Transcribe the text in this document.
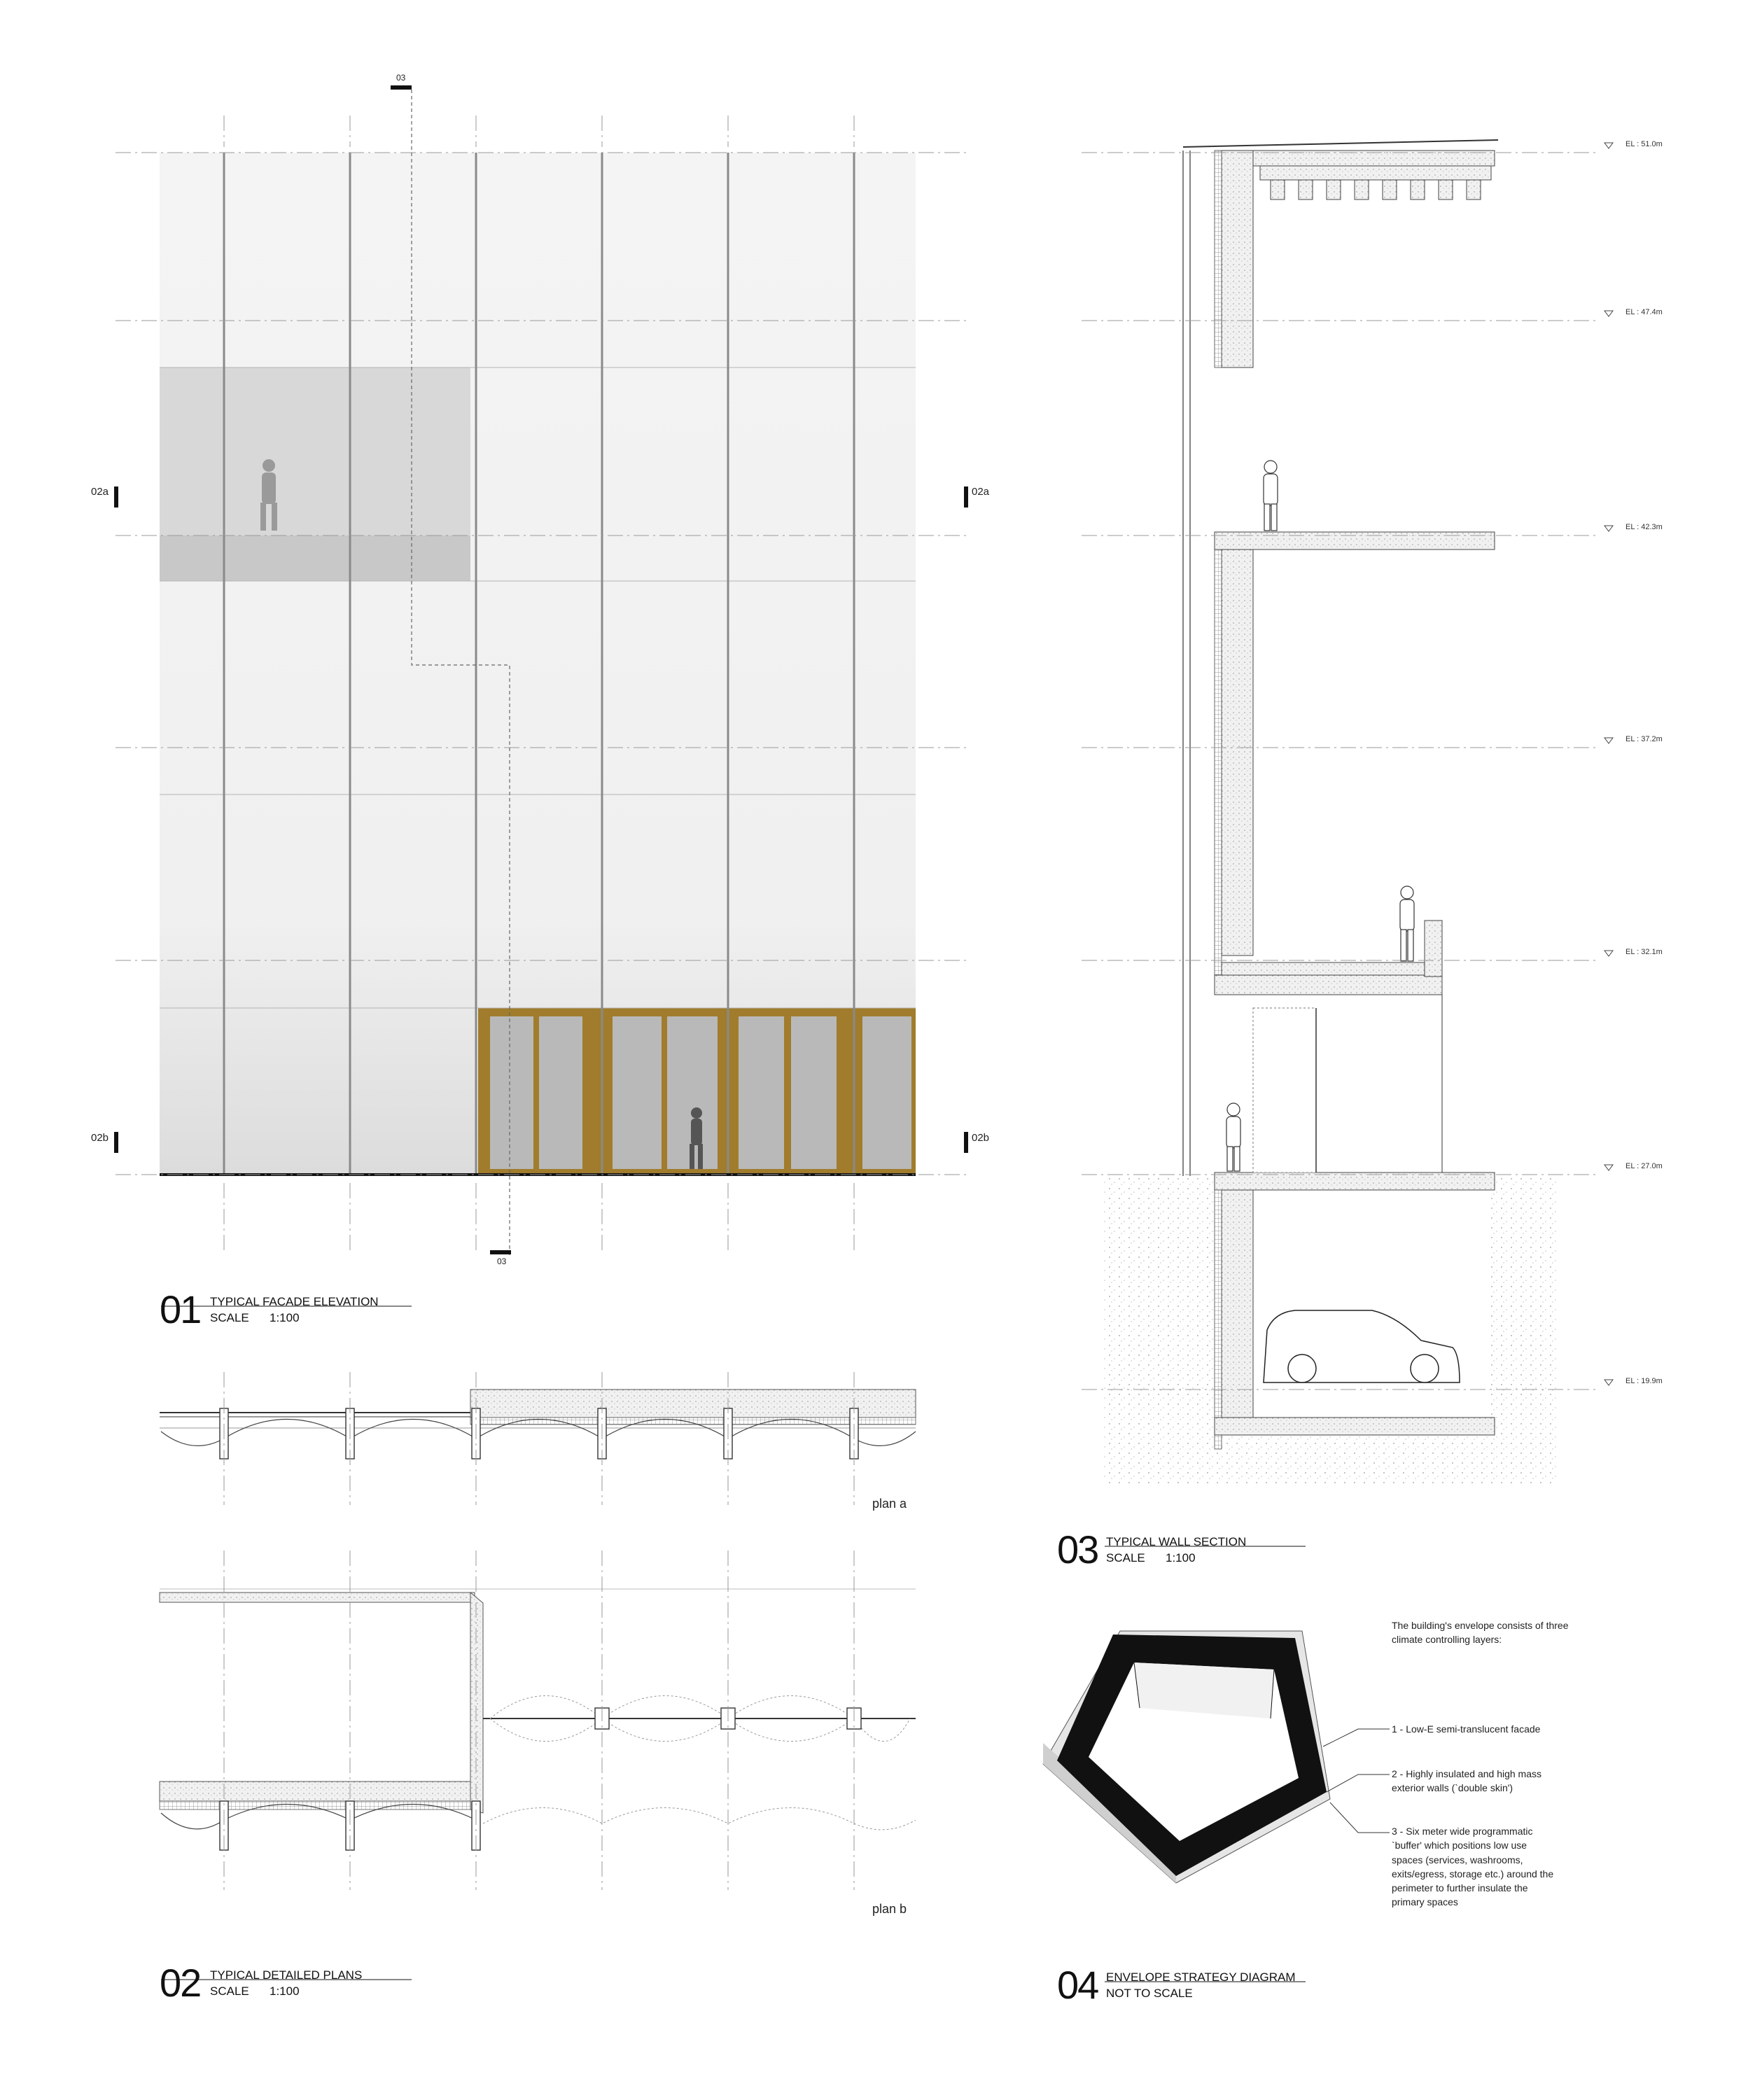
03
03
02a	02a
02b	02b
01 TYPICAL FACADE ELEVATION
SCALE 1:100
plan a
plan b
02 TYPICAL DETAILED PLANS
SCALE 1:100
EL : 51.0m
EL : 47.4m
EL : 42.3m
EL : 37.2m
EL : 32.1m
EL : 27.0m
EL : 19.9m
03 TYPICAL WALL SECTION
SCALE 1:100
The building's envelope consists of three climate controlling layers:
1 - Low-E semi-translucent facade
2 - Highly insulated and high mass exterior walls (`double skin')
3 - Six meter wide programmatic `buffer' which positions low use spaces (services, washrooms, exits/egress, storage etc.) around the perimeter to further insulate the primary spaces
04 ENVELOPE STRATEGY DIAGRAM
NOT TO SCALE
